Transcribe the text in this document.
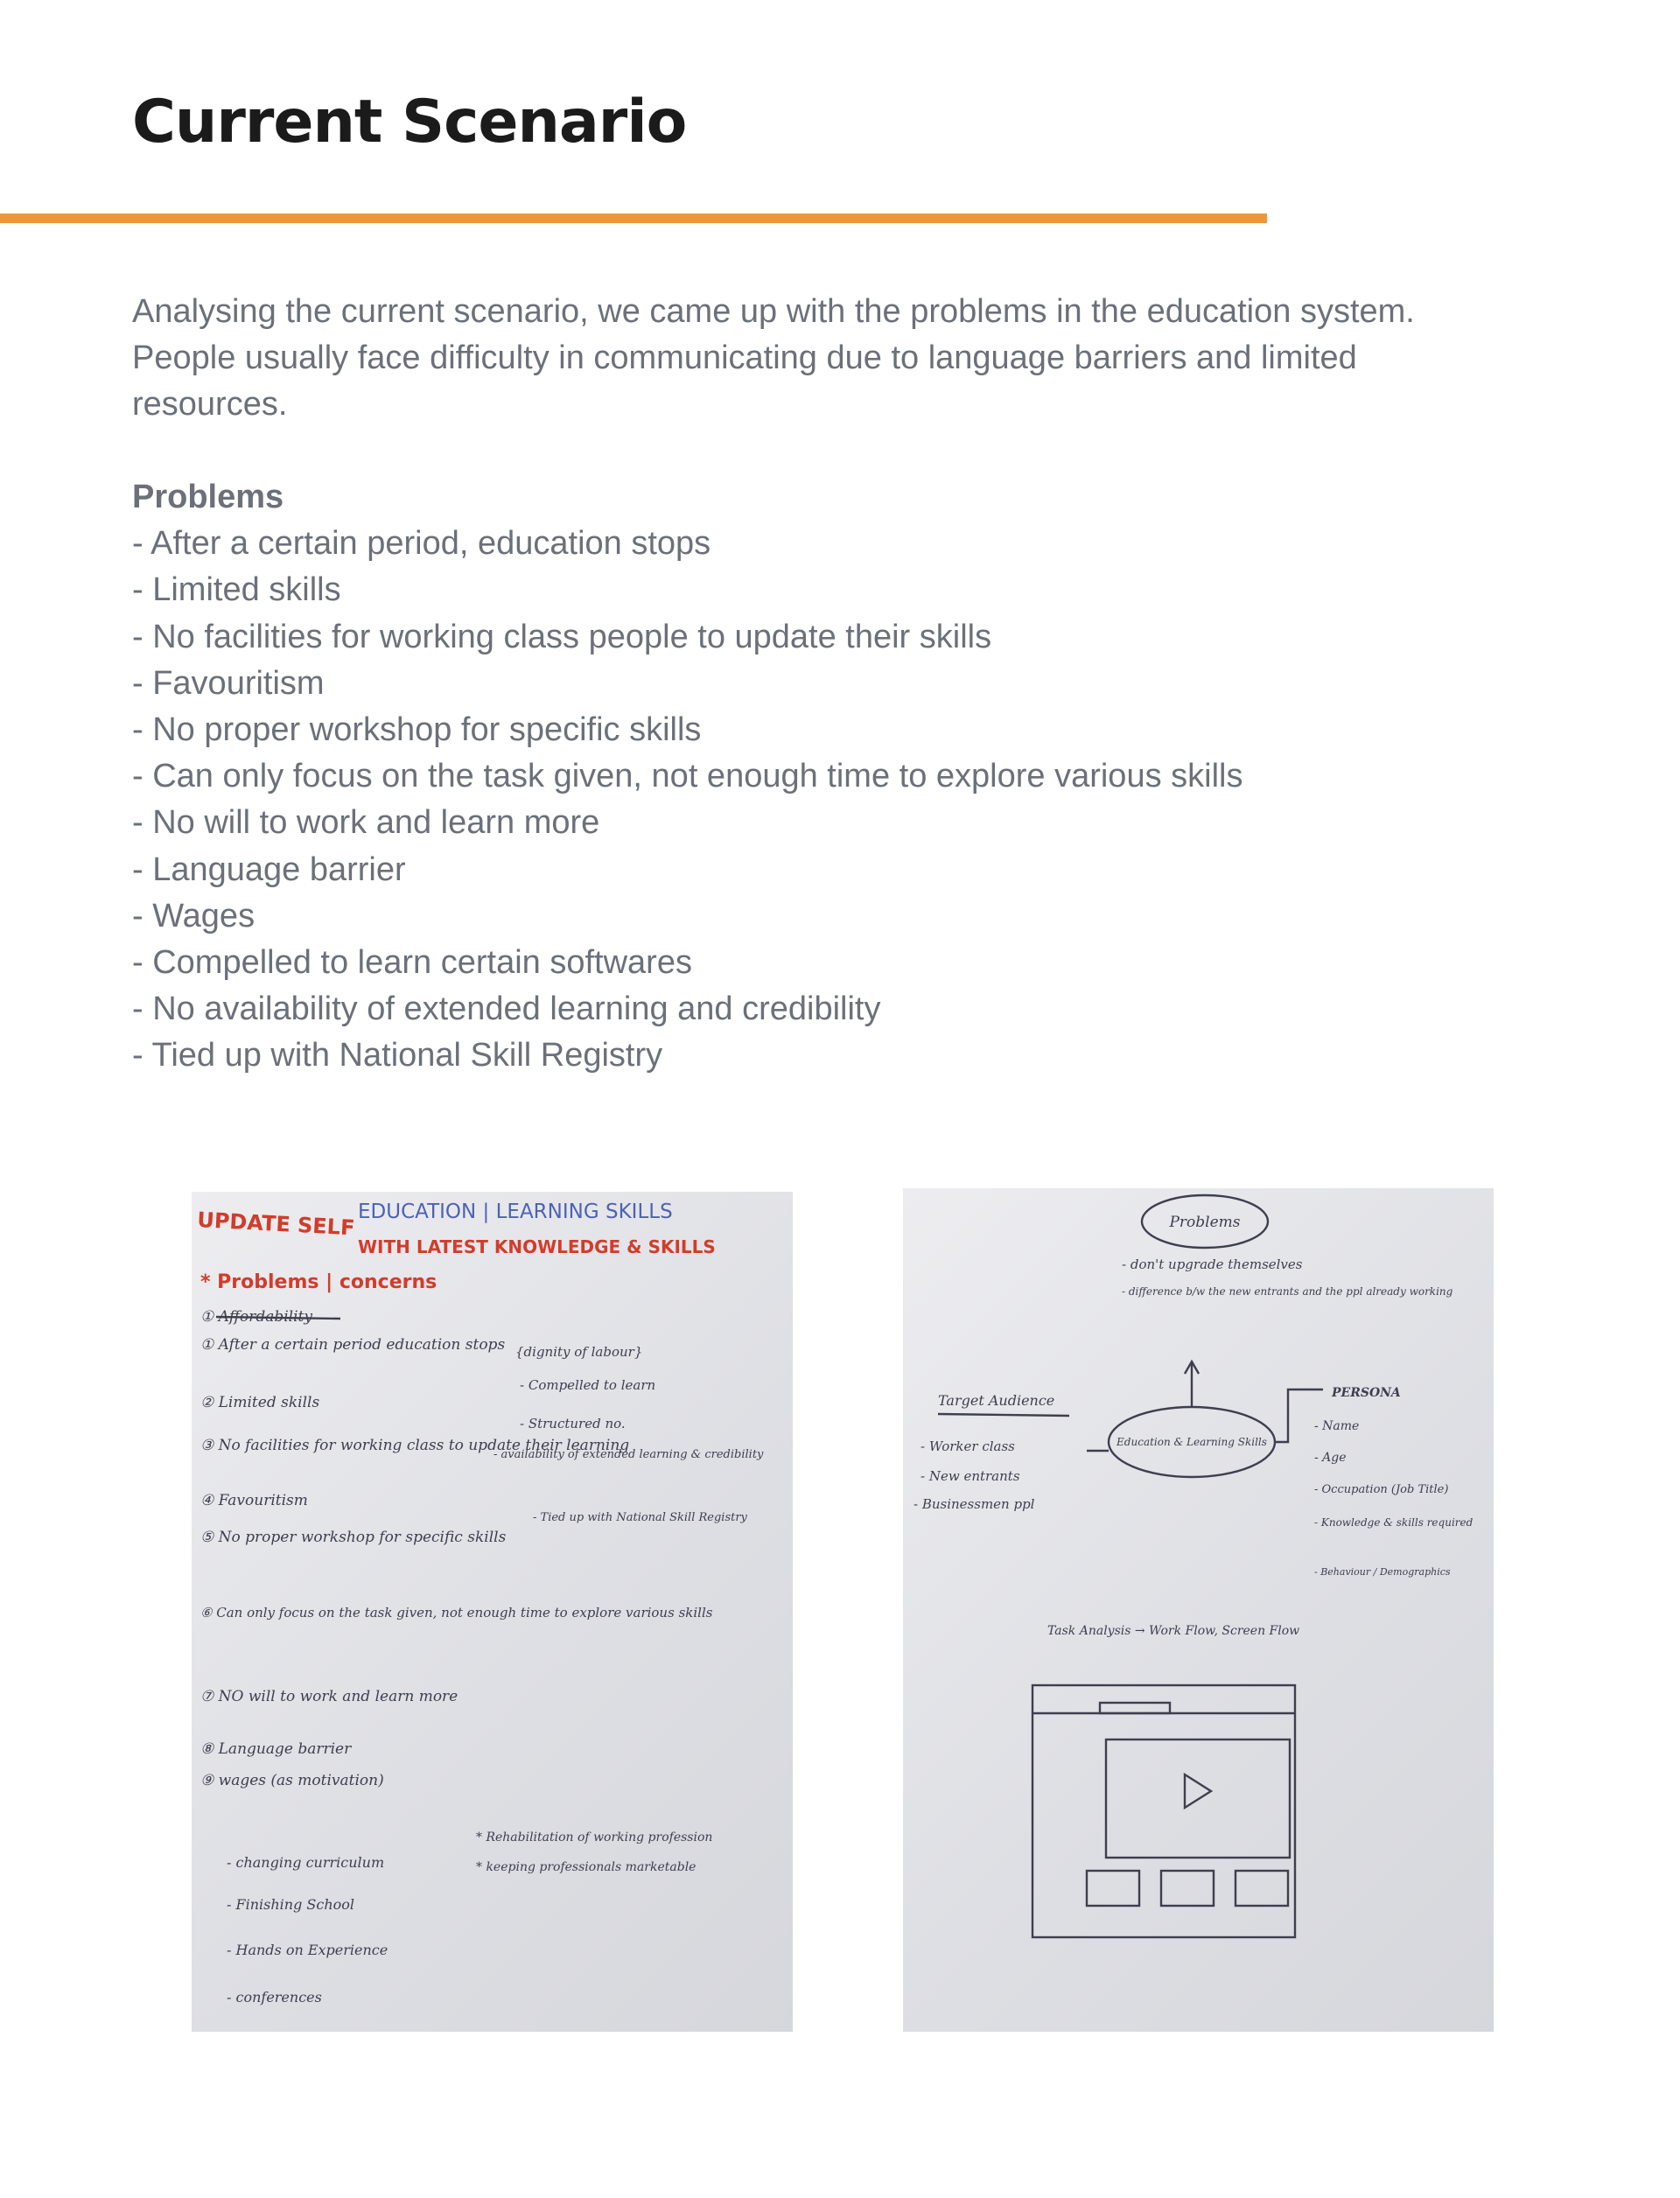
Current Scenario

Analysing the current scenario, we came up with the problems in the education system. People usually face difficulty in communicating due to language barriers and limited resources.

Problems
- After a certain period, education stops
- Limited skills
- No facilities for working class people to update their skills
- Favouritism
- No proper workshop for specific skills
- Can only focus on the task given, not enough time to explore various skills
- No will to work and learn more
- Language barrier
- Wages
- Compelled to learn certain softwares
- No availability of extended learning and credibility
- Tied up with National Skill Registry
UPDATE SELF EDUCATION | LEARNING SKILLS
WITH LATEST KNOWLEDGE & SKILLS
* Problems | concerns
① Affordability
① After a certain period education stops
② Limited skills
③ No facilities for working class to update their learning
④ Favouritism
⑤ No proper workshop for specific skills
⑥ Can only focus on the task given, not enough time to explore various skills
⑦ NO will to work and learn more
⑧ Language barrier
⑨ wages (as motivation)
{dignity of labour}
- Compelled to learn
- Structured no.
- availability of extended learning & credibility
- Tied up with National Skill Registry
- changing curriculum
- Finishing School
- Hands on Experience
- conferences
* Rehabilitation of working profession
* keeping professionals marketable
Problems
- don't upgrade themselves
- difference b/w the new entrants and the ppl already working
Target Audience
- Worker class
- New entrants
- Businessmen ppl
Education & Learning Skills
PERSONA
- Name
- Age
- Occupation (Job Title)
- Knowledge & skills required
- Behaviour / Demographics
Task Analysis → Work Flow, Screen Flow
